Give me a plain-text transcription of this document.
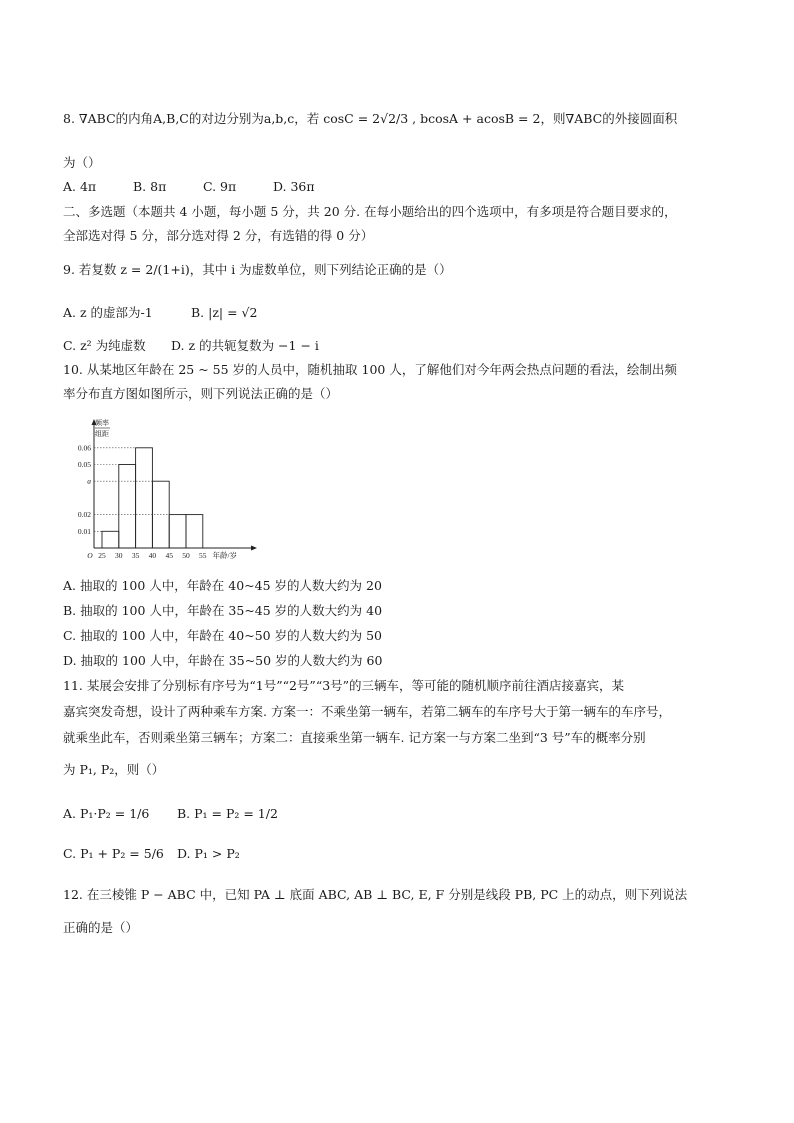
8. ∇ABC的内角A,B,C的对边分别为a,b,c，若 cosC = 2√2/3 , bcosA + acosB = 2，则∇ABC的外接圆面积
为（）
A. 4π	B. 8π	C. 9π	D. 36π
二、多选题（本题共 4 小题，每小题 5 分，共 20 分. 在每小题给出的四个选项中，有多项是符合题目要求的，
全部选对得 5 分，部分选对得 2 分，有选错的得 0 分）
9. 若复数 z = 2/(1+i)，其中 i 为虚数单位，则下列结论正确的是（）
A. z 的虚部为-1	B. |z| = √2
C. z² 为纯虚数 D. z 的共轭复数为 −1 − i
10. 从某地区年龄在 25 ~ 55 岁的人员中，随机抽取 100 人，了解他们对今年两会热点问题的看法，绘制出频
率分布直方图如图所示，则下列说法正确的是（）
频率
组距
0.06
0.05
a
0.02
0.01
25 30 35 40 45 50 55
O	年龄/岁
A. 抽取的 100 人中，年龄在 40~45 岁的人数大约为 20
B. 抽取的 100 人中，年龄在 35~45 岁的人数大约为 40
C. 抽取的 100 人中，年龄在 40~50 岁的人数大约为 50
D. 抽取的 100 人中，年龄在 35~50 岁的人数大约为 60
11. 某展会安排了分别标有序号为“1号”“2号”“3号”的三辆车，等可能的随机顺序前往酒店接嘉宾，某
嘉宾突发奇想，设计了两种乘车方案. 方案一：不乘坐第一辆车，若第二辆车的车序号大于第一辆车的车序号，
就乘坐此车，否则乘坐第三辆车；方案二：直接乘坐第一辆车. 记方案一与方案二坐到“3 号”车的概率分别
为 P₁, P₂，则（）
A. P₁·P₂ = 1/6 B. P₁ = P₂ = 1/2
C. P₁ + P₂ = 5/6 D. P₁ > P₂
12. 在三棱锥 P − ABC 中，已知 PA ⊥ 底面 ABC, AB ⊥ BC, E, F 分别是线段 PB, PC 上的动点，则下列说法
正确的是（）
